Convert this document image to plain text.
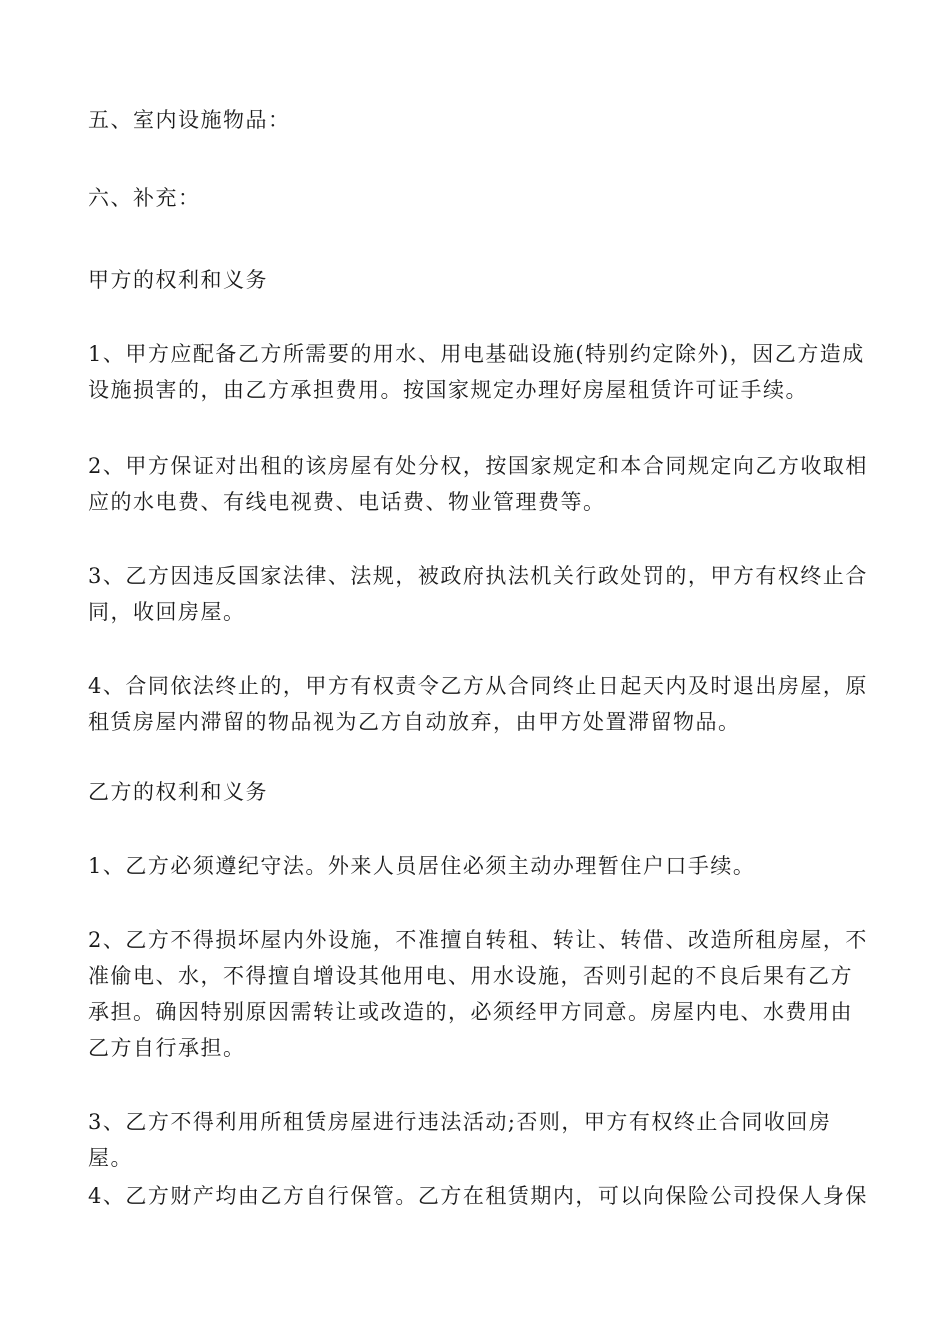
五、室内设施物品：

六、补充：

甲方的权利和义务

1、甲方应配备乙方所需要的用水、用电基础设施(特别约定除外)，因乙方造成设施损害的，由乙方承担费用。按国家规定办理好房屋租赁许可证手续。

2、甲方保证对出租的该房屋有处分权，按国家规定和本合同规定向乙方收取相应的水电费、有线电视费、电话费、物业管理费等。

3、乙方因违反国家法律、法规，被政府执法机关行政处罚的，甲方有权终止合同，收回房屋。

4、合同依法终止的，甲方有权责令乙方从合同终止日起天内及时退出房屋，原租赁房屋内滞留的物品视为乙方自动放弃，由甲方处置滞留物品。

乙方的权利和义务

1、乙方必须遵纪守法。外来人员居住必须主动办理暂住户口手续。

2、乙方不得损坏屋内外设施，不准擅自转租、转让、转借、改造所租房屋，不准偷电、水，不得擅自增设其他用电、用水设施，否则引起的不良后果有乙方承担。确因特别原因需转让或改造的，必须经甲方同意。房屋内电、水费用由乙方自行承担。

3、乙方不得利用所租赁房屋进行违法活动;否则，甲方有权终止合同收回房屋。

4、乙方财产均由乙方自行保管。乙方在租赁期内，可以向保险公司投保人身保
